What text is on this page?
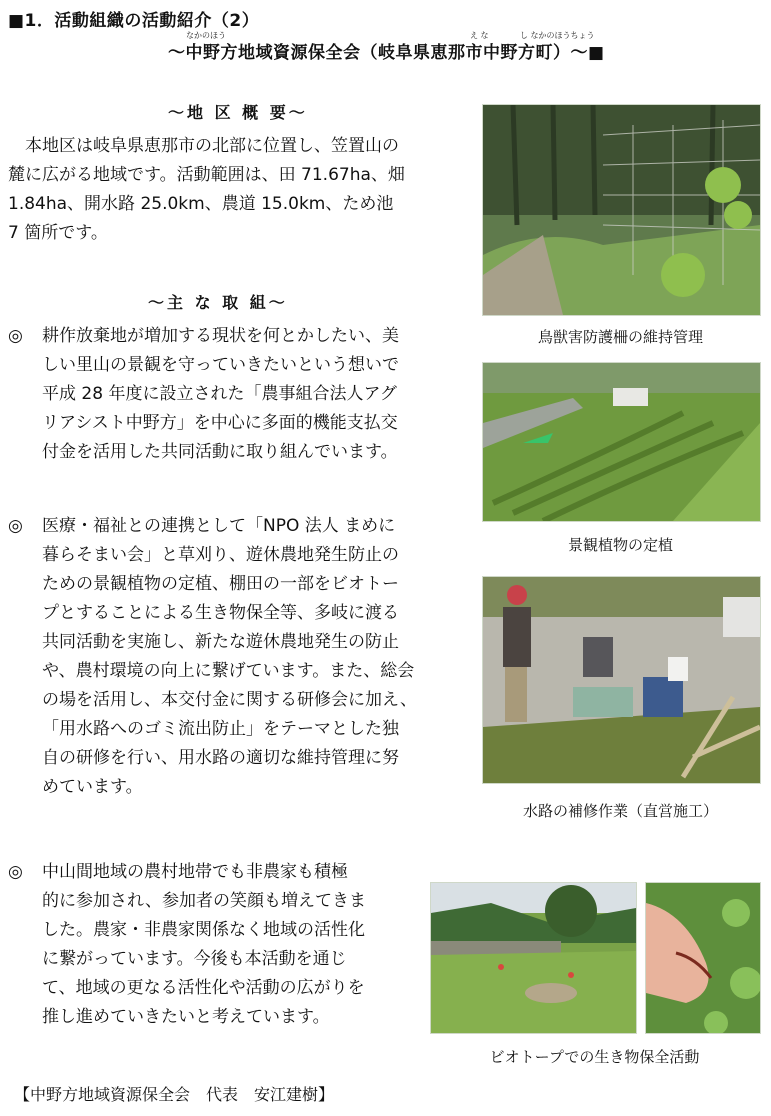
■1．活動組織の活動紹介（2）
～中野方地域資源保全会（岐阜県恵那市中野方町）～■
なかのほう	え な	し なかのほうちょう
～地 区 概 要～
　本地区は岐阜県恵那市の北部に位置し、笠置山の
麓に広がる地域です。活動範囲は、田 71.67ha、畑
1.84ha、開水路 25.0km、農道 15.0km、ため池
7 箇所です。
～主 な 取 組～
◎ 耕作放棄地が増加する現状を何とかしたい、美
しい里山の景観を守っていきたいという想いで
平成 28 年度に設立された「農事組合法人アグ
リアシスト中野方」を中心に多面的機能支払交
付金を活用した共同活動に取り組んでいます。
◎ 医療・福祉との連携として「NPO 法人 まめに
暮らそまい会」と草刈り、遊休農地発生防止の
ための景観植物の定植、棚田の一部をビオトー
プとすることによる生き物保全等、多岐に渡る
共同活動を実施し、新たな遊休農地発生の防止
や、農村環境の向上に繋げています。また、総会
の場を活用し、本交付金に関する研修会に加え、
「用水路へのゴミ流出防止」をテーマとした独
自の研修を行い、用水路の適切な維持管理に努
めています。
◎ 中山間地域の農村地帯でも非農家も積極
的に参加され、参加者の笑顔も増えてきま
した。農家・非農家関係なく地域の活性化
に繋がっています。今後も本活動を通じ
て、地域の更なる活性化や活動の広がりを
推し進めていきたいと考えています。
鳥獣害防護柵の維持管理
景観植物の定植
水路の補修作業（直営施工）
ビオトープでの生き物保全活動
【中野方地域資源保全会　代表　安江建樹】
